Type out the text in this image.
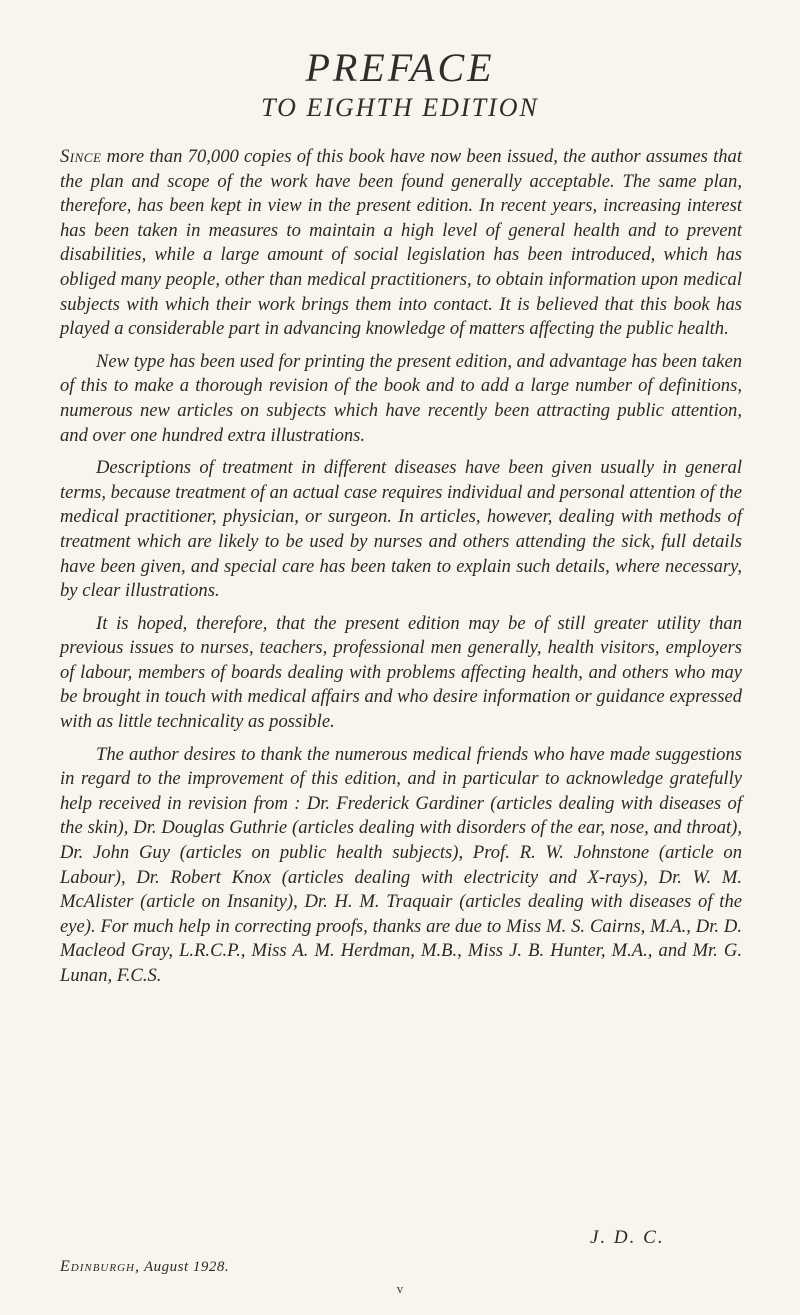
PREFACE
TO EIGHTH EDITION

Since more than 70,000 copies of this book have now been issued, the author assumes that the plan and scope of the work have been found generally acceptable. The same plan, therefore, has been kept in view in the present edition. In recent years, increasing interest has been taken in measures to maintain a high level of general health and to prevent disabilities, while a large amount of social legislation has been introduced, which has obliged many people, other than medical practitioners, to obtain information upon medical subjects with which their work brings them into contact. It is believed that this book has played a considerable part in advancing knowledge of matters affecting the public health.

New type has been used for printing the present edition, and advantage has been taken of this to make a thorough revision of the book and to add a large number of definitions, numerous new articles on subjects which have recently been attracting public attention, and over one hundred extra illustrations.

Descriptions of treatment in different diseases have been given usually in general terms, because treatment of an actual case requires individual and personal attention of the medical practitioner, physician, or surgeon. In articles, however, dealing with methods of treatment which are likely to be used by nurses and others attending the sick, full details have been given, and special care has been taken to explain such details, where necessary, by clear illustrations.

It is hoped, therefore, that the present edition may be of still greater utility than previous issues to nurses, teachers, professional men generally, health visitors, employers of labour, members of boards dealing with problems affecting health, and others who may be brought in touch with medical affairs and who desire information or guidance expressed with as little technicality as possible.

The author desires to thank the numerous medical friends who have made suggestions in regard to the improvement of this edition, and in particular to acknowledge gratefully help received in revision from : Dr. Frederick Gardiner (articles dealing with diseases of the skin), Dr. Douglas Guthrie (articles dealing with disorders of the ear, nose, and throat), Dr. John Guy (articles on public health subjects), Prof. R. W. Johnstone (article on Labour), Dr. Robert Knox (articles dealing with electricity and X-rays), Dr. W. M. McAlister (article on Insanity), Dr. H. M. Traquair (articles dealing with diseases of the eye). For much help in correcting proofs, thanks are due to Miss M. S. Cairns, M.A., Dr. D. Macleod Gray, L.R.C.P., Miss A. M. Herdman, M.B., Miss J. B. Hunter, M.A., and Mr. G. Lunan, F.C.S.

J. D. C.
Edinburgh, August 1928.
v
